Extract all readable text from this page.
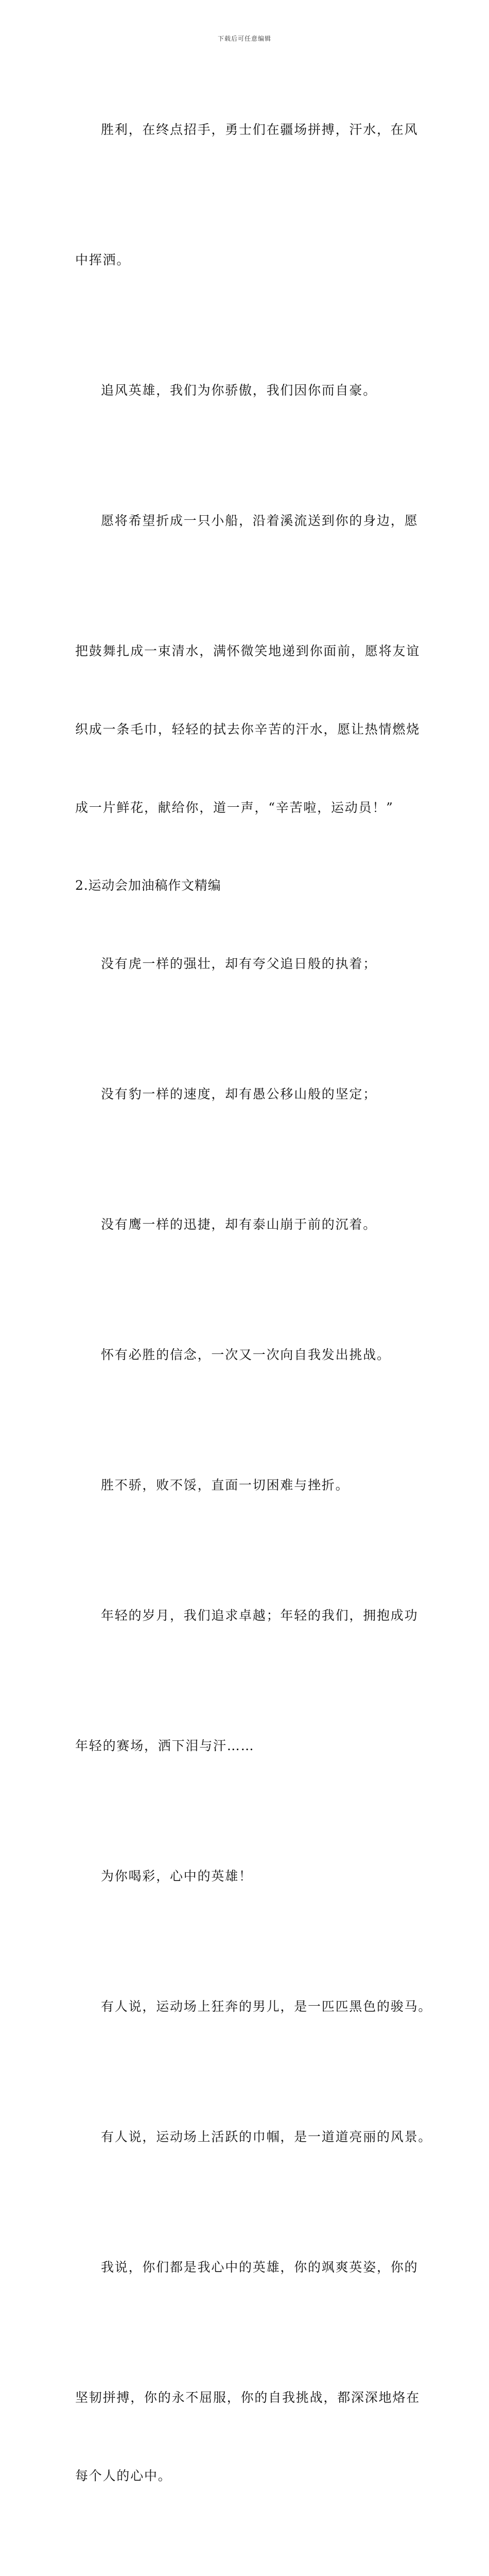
下载后可任意编辑

胜利，在终点招手，勇士们在疆场拼搏，汗水，在风

中挥洒。

追风英雄，我们为你骄傲，我们因你而自豪。

愿将希望折成一只小船，沿着溪流送到你的身边，愿

把鼓舞扎成一束清水，满怀微笑地递到你面前，愿将友谊

织成一条毛巾，轻轻的拭去你辛苦的汗水，愿让热情燃烧

成一片鲜花，献给你，道一声，“辛苦啦，运动员！”

2.运动会加油稿作文精编

没有虎一样的强壮，却有夸父追日般的执着；

没有豹一样的速度，却有愚公移山般的坚定；

没有鹰一样的迅捷，却有泰山崩于前的沉着。

怀有必胜的信念，一次又一次向自我发出挑战。

胜不骄，败不馁，直面一切困难与挫折。

年轻的岁月，我们追求卓越；年轻的我们，拥抱成功

年轻的赛场，洒下泪与汗……

为你喝彩，心中的英雄！

有人说，运动场上狂奔的男儿，是一匹匹黑色的骏马。

有人说，运动场上活跃的巾帼，是一道道亮丽的风景。

我说，你们都是我心中的英雄，你的飒爽英姿，你的

坚韧拼搏，你的永不屈服，你的自我挑战，都深深地烙在

每个人的心中。
